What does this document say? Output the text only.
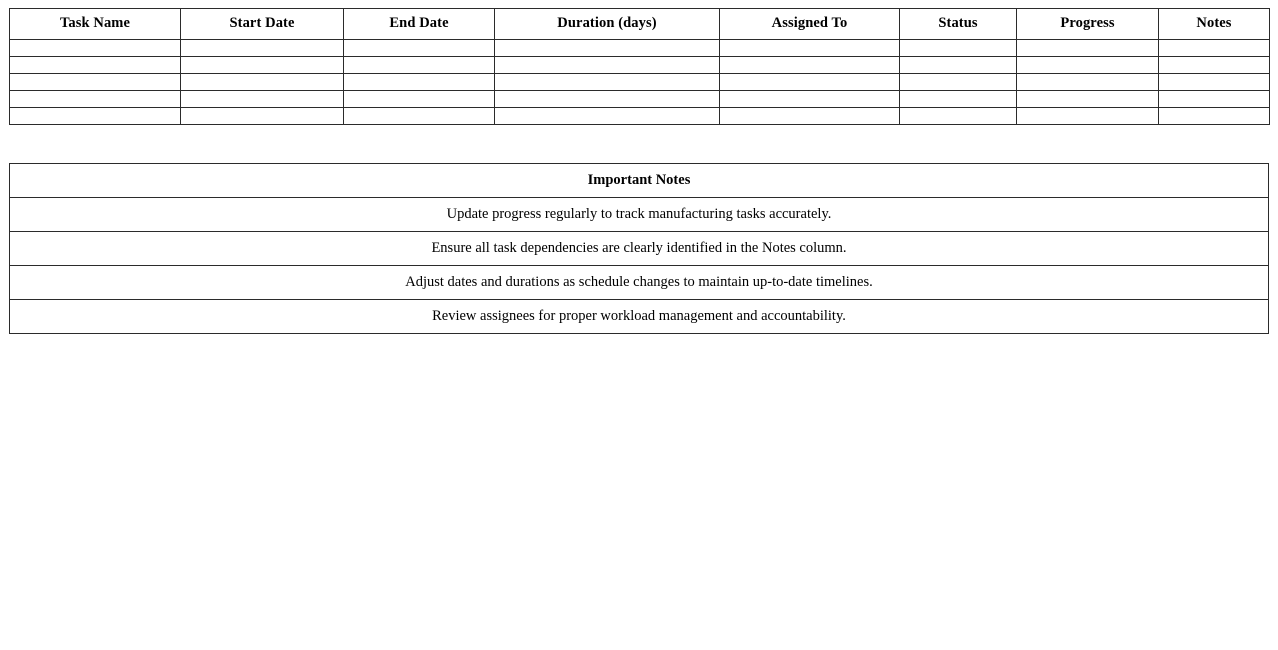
Task Name	Start Date	End Date	Duration (days)	Assigned To	Status	Progress	Notes

Important Notes
Update progress regularly to track manufacturing tasks accurately.
Ensure all task dependencies are clearly identified in the Notes column.
Adjust dates and durations as schedule changes to maintain up-to-date timelines.
Review assignees for proper workload management and accountability.
